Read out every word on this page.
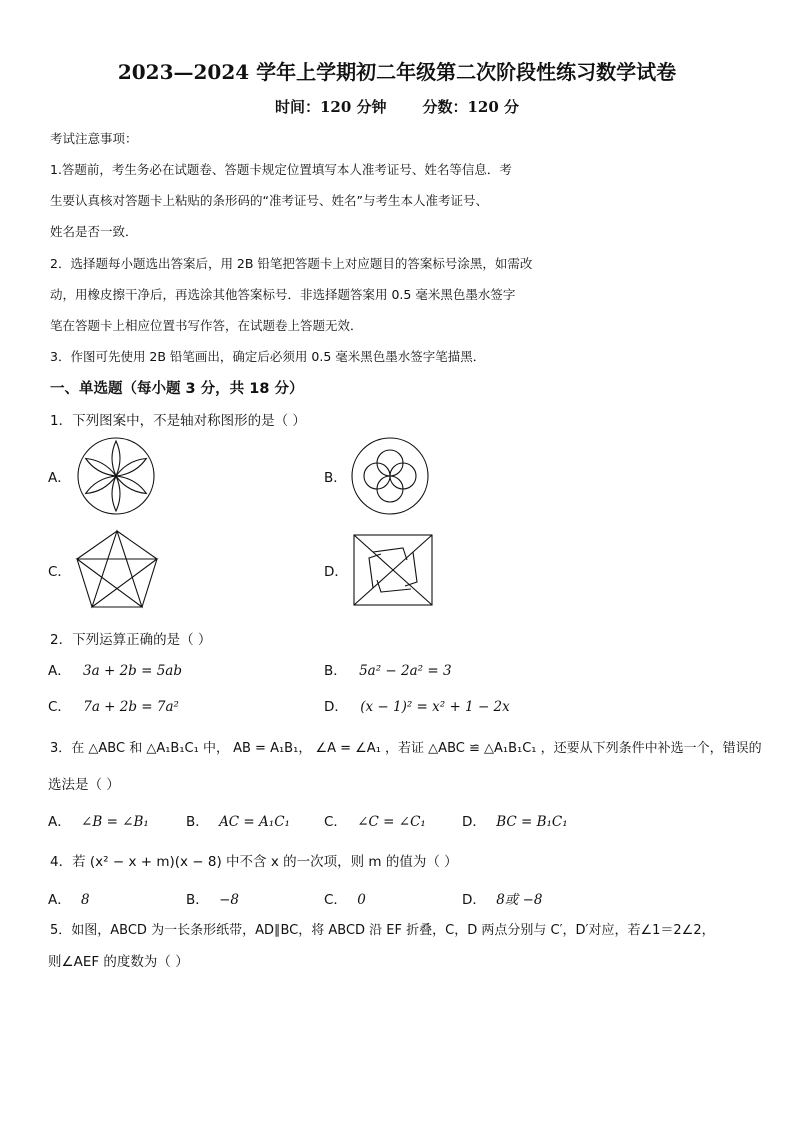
2023—2024 学年上学期初二年级第二次阶段性练习数学试卷
时间：120 分钟 分数：120 分
考试注意事项：
1.答题前，考生务必在试题卷、答题卡规定位置填写本人准考证号、姓名等信息．考
生要认真核对答题卡上粘贴的条形码的“准考证号、姓名”与考生本人准考证号、
姓名是否一致．
2．选择题每小题选出答案后，用 2B 铅笔把答题卡上对应题目的答案标号涂黑，如需改
动，用橡皮擦干净后，再选涂其他答案标号．非选择题答案用 0.5 毫米黑色墨水签字
笔在答题卡上相应位置书写作答，在试题卷上答题无效．
3．作图可先使用 2B 铅笔画出，确定后必须用 0.5 毫米黑色墨水签字笔描黑．
一、单选题（每小题 3 分，共 18 分）
1．下列图案中，不是轴对称图形的是（ ）
A．	B．
C．	D．
2．下列运算正确的是（ ）
A． 3a + 2b = 5ab	B． 5a² − 2a² = 3
C． 7a + 2b = 7a²	D． (x − 1)² = x² + 1 − 2x
3．在 △ABC 和 △A₁B₁C₁ 中， AB = A₁B₁， ∠A = ∠A₁ ，若证 △ABC ≌ △A₁B₁C₁ ，还要从下列条件中补选一个，错误的
选法是（ ）
A． ∠B = ∠B₁	B． AC = A₁C₁	C． ∠C = ∠C₁	D． BC = B₁C₁
4．若 (x² − x + m)(x − 8) 中不含 x 的一次项，则 m 的值为（ ）
A． 8	B． −8	C． 0	D． 8或 −8
5．如图，ABCD 为一长条形纸带，AD∥BC，将 ABCD 沿 EF 折叠，C，D 两点分别与 C′，D′对应，若∠1＝2∠2，
则∠AEF 的度数为（ ）
